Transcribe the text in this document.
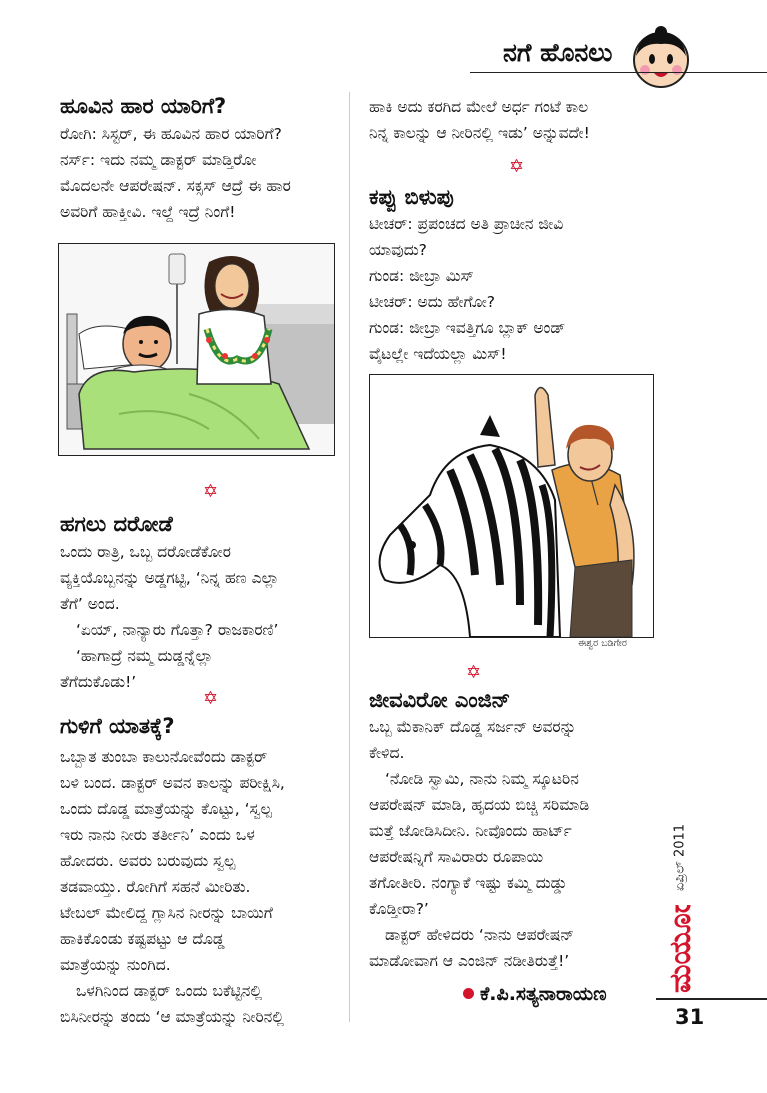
ನಗೆ ಹೊನಲು
ಹೂವಿನ ಹಾರ ಯಾರಿಗೆ?
ರೋಗಿ: ಸಿಸ್ಟರ್, ಈ ಹೂವಿನ ಹಾರ ಯಾರಿಗೆ?
ನರ್ಸ್: ಇದು ನಮ್ಮ ಡಾಕ್ಟರ್ ಮಾಡ್ತಿರೋ
ಮೊದಲನೇ ಆಪರೇಷನ್. ಸಕ್ಸಸ್ ಆದ್ರೆ ಈ ಹಾರ
ಅವರಿಗೆ ಹಾಕ್ತೀವಿ. ಇಲ್ದೆ ಇದ್ರೆ ನಿಂಗೆ!
✡
ಹಗಲು ದರೋಡೆ
ಒಂದು ರಾತ್ರಿ, ಒಬ್ಬ ದರೋಡೆಕೋರ
ವ್ಯಕ್ತಿಯೊಬ್ಬನನ್ನು ಅಡ್ಡಗಟ್ಟಿ, ‘ನಿನ್ನ ಹಣ ಎಲ್ಲಾ
ತೆಗೆ’ ಅಂದ.
‘ಏಯ್, ನಾನ್ಯಾರು ಗೊತ್ತಾ? ರಾಜಕಾರಣಿ’
‘ಹಾಗಾದ್ರೆ ನಮ್ಮ ದುಡ್ಡನ್ನೆಲ್ಲಾ
ತೆಗೆದುಕೊಡು!’
✡
ಗುಳಿಗೆ ಯಾತಕ್ಕೆ?
ಒಬ್ಬಾತ ತುಂಬಾ ಕಾಲುನೋವೆಂದು ಡಾಕ್ಟರ್
ಬಳಿ ಬಂದ. ಡಾಕ್ಟರ್ ಅವನ ಕಾಲನ್ನು ಪರೀಕ್ಷಿಸಿ,
ಒಂದು ದೊಡ್ಡ ಮಾತ್ರೆಯನ್ನು ಕೊಟ್ಟು, ‘ಸ್ವಲ್ಪ
ಇರು ನಾನು ನೀರು ತರ್ತೀನಿ’ ಎಂದು ಒಳ
ಹೋದರು. ಅವರು ಬರುವುದು ಸ್ವಲ್ಪ
ತಡವಾಯ್ತು. ರೋಗಿಗೆ ಸಹನೆ ಮೀರಿತು.
ಟೇಬಲ್ ಮೇಲಿದ್ದ ಗ್ಲಾಸಿನ ನೀರನ್ನು ಬಾಯಿಗೆ
ಹಾಕಿಕೊಂಡು ಕಷ್ಟಪಟ್ಟು ಆ ದೊಡ್ಡ
ಮಾತ್ರೆಯನ್ನು ನುಂಗಿದ.
ಒಳಗಿನಿಂದ ಡಾಕ್ಟರ್ ಒಂದು ಬಕೆಟ್ಟಿನಲ್ಲಿ
ಬಿಸಿನೀರನ್ನು ತಂದು ‘ಆ ಮಾತ್ರೆಯನ್ನು ನೀರಿನಲ್ಲಿ
ಹಾಕಿ ಅದು ಕರಗಿದ ಮೇಲೆ ಅರ್ಧ ಗಂಟೆ ಕಾಲ
ನಿನ್ನ ಕಾಲನ್ನು ಆ ನೀರಿನಲ್ಲಿ ಇಡು’ ಅನ್ನುವದೇ!
✡
ಕಪ್ಪು ಬಿಳುಪು
ಟೀಚರ್: ಪ್ರಪಂಚದ ಅತಿ ಪ್ರಾಚೀನ ಜೀವಿ
ಯಾವುದು?
ಗುಂಡ: ಜೀಬ್ರಾ ಮಿಸ್
ಟೀಚರ್: ಅದು ಹೇಗೋ?
ಗುಂಡ: ಜೀಬ್ರಾ ಇವತ್ತಿಗೂ ಬ್ಲಾಕ್ ಅಂಡ್
ವೈಟಲ್ಲೇ ಇದೆಯಲ್ಲಾ ಮಿಸ್!
ಈಶ್ವರ ಬಡಿಗೇರ
✡
ಜೀವವಿರೋ ಎಂಜಿನ್
ಒಬ್ಬ ಮೆಕಾನಿಕ್ ದೊಡ್ಡ ಸರ್ಜನ್ ಅವರನ್ನು
ಕೇಳಿದ.
‘ನೋಡಿ ಸ್ವಾಮಿ, ನಾನು ನಿಮ್ಮ ಸ್ಕೂಟರಿನ
ಆಪರೇಷನ್ ಮಾಡಿ, ಹೃದಯ ಬಿಚ್ಚಿ ಸರಿಮಾಡಿ
ಮತ್ತೆ ಜೋಡಿಸಿದೀನಿ. ನೀವೊಂದು ಹಾರ್ಟ್
ಆಪರೇಷನ್ನಿಗೆ ಸಾವಿರಾರು ರೂಪಾಯಿ
ತಗೋತೀರಿ. ನಂಗ್ಯಾಕೆ ಇಷ್ಟು ಕಮ್ಮಿ ದುಡ್ಡು
ಕೊಡ್ತೀರಾ?’
ಡಾಕ್ಟರ್ ಹೇಳಿದರು ‘ನಾನು ಆಪರೇಷನ್
ಮಾಡೋವಾಗ ಆ ಎಂಜಿನ್ ನಡೀತಿರುತ್ತೆ!’
ಕೆ.ಪಿ.ಸತ್ಯನಾರಾಯಣ
ಏಪ್ರಿಲ್ 2011
ಮಯೂರ
31
